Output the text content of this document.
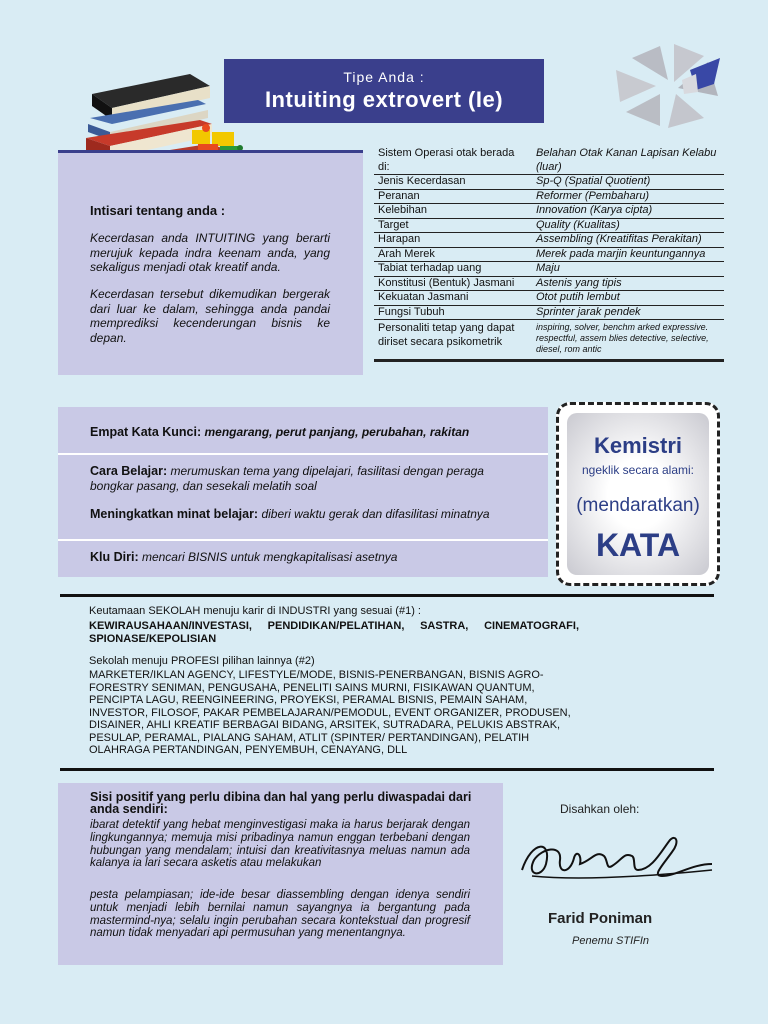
Tipe Anda :
Intuiting extrovert (Ie)
Intisari tentang anda :

Kecerdasan anda INTUITING yang berarti merujuk kepada indra keenam anda, yang sekaligus menjadi otak kreatif anda.

Kecerdasan tersebut dikemudikan bergerak dari luar ke dalam, sehingga anda pandai memprediksi kecenderungan bisnis ke depan.

Sistem Operasi otak berada di:	Belahan Otak Kanan Lapisan Kelabu (luar)
Jenis Kecerdasan	Sp-Q (Spatial Quotient)
Peranan	Reformer (Pembaharu)
Kelebihan	Innovation (Karya cipta)
Target	Quality (Kualitas)
Harapan	Assembling (Kreatifitas Perakitan)
Arah Merek	Merek pada marjin keuntungannya
Tabiat terhadap uang	Maju
Konstitusi (Bentuk) Jasmani	Astenis yang tipis
Kekuatan Jasmani	Otot putih lembut
Fungsi Tubuh	Sprinter jarak pendek
Personaliti tetap yang dapat diriset secara psikometrik	inspiring, solver, benchm arked expressive. respectful, assem blies detective, selective, diesel, rom antic
Empat Kata Kunci: mengarang, perut panjang, perubahan, rakitan
Cara Belajar: merumuskan tema yang dipelajari, fasilitasi dengan peraga bongkar pasang, dan sesekali melatih soal
Meningkatkan minat belajar: diberi waktu gerak dan difasilitasi minatnya
Klu Diri: mencari BISNIS untuk mengkapitalisasi asetnya
Kemistri
ngeklik secara alami:
(mendaratkan)
KATA
Keutamaan SEKOLAH menuju karir di INDUSTRI yang sesuai (#1) :
KEWIRAUSAHAAN/INVESTASI, PENDIDIKAN/PELATIHAN, SASTRA, CINEMATOGRAFI, SPIONASE/KEPOLISIAN
Sekolah menuju PROFESI pilihan lainnya (#2)
MARKETER/IKLAN AGENCY, LIFESTYLE/MODE, BISNIS-PENERBANGAN, BISNIS AGRO-FORESTRY SENIMAN, PENGUSAHA, PENELITI SAINS MURNI, FISIKAWAN QUANTUM, PENCIPTA LAGU, REENGINEERING, PROYEKSI, PERAMAL BISNIS, PEMAIN SAHAM, INVESTOR, FILOSOF, PAKAR PEMBELAJARAN/PEMODUL, EVENT ORGANIZER, PRODUSEN, DISAINER, AHLI KREATIF BERBAGAI BIDANG, ARSITEK, SUTRADARA, PELUKIS ABSTRAK, PESULAP, PERAMAL, PIALANG SAHAM, ATLIT (SPINTER/ PERTANDINGAN), PELATIH OLAHRAGA PERTANDINGAN, PENYEMBUH, CENAYANG, DLL
Sisi positif yang perlu dibina dan hal yang perlu diwaspadai dari anda sendiri:

ibarat detektif yang hebat menginvestigasi maka ia harus berjarak dengan lingkungannya; memuja misi pribadinya namun enggan terbebani dengan hubungan yang mendalam; intuisi dan kreativitasnya meluas namun ada kalanya ia lari secara asketis atau melakukan

pesta pelampiasan; ide-ide besar diassembling dengan idenya sendiri untuk menjadi lebih bernilai namun sayangnya ia bergantung pada mastermind-nya; selalu ingin perubahan secara kontekstual dan progresif namun tidak menyadari api permusuhan yang menentangnya.

Disahkan oleh:
Farid Poniman
Penemu STIFIn
